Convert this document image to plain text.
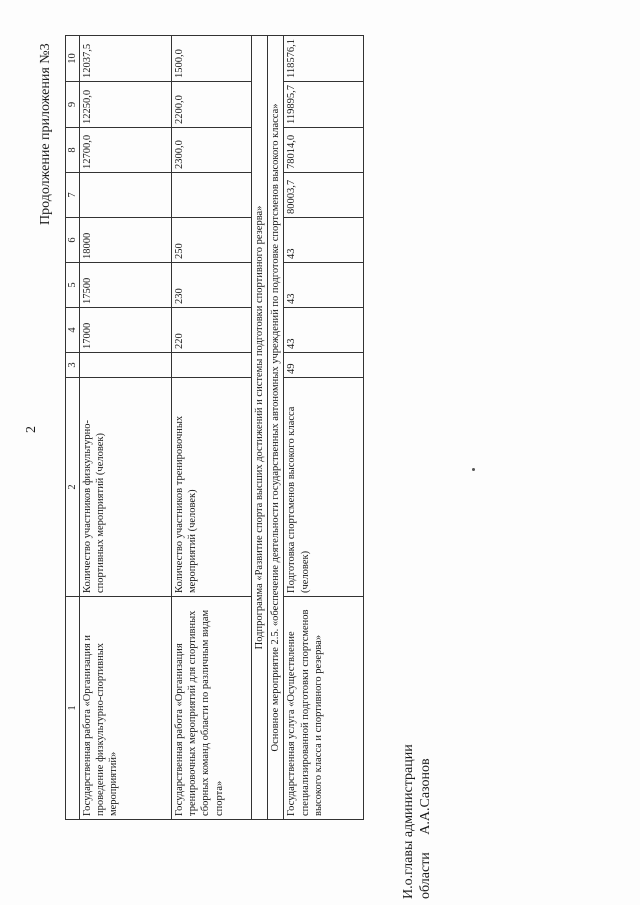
2
Продолжение приложения №3
1	2	3	4	5	6	7	8	9	10
Государственная работа «Организация и проведение физкультурно-спортивных мероприятий»	Количество участников физкультурно-спортивных мероприятий (человек)		17000	17500	18000		12700,0	12250,0	12037,5
Государственная работа «Организация тренировочных мероприятий для спортивных сборных команд области по различным видам спорта»	Количество участников тренировочных мероприятий (человек)		220	230	250		2300,0	2200,0	1500,0
Подпрограмма «Развитие спорта высших достижений и системы подготовки спортивного резерва»									
Основное мероприятие 2.5. «обеспечение деятельности государственных автономных учреждений по подготовке спортсменов высокого класса»									
Государственная услуга «Осуществление специализированной подготовки спортсменов высокого класса и спортивного резерва»	Подготовка спортсменов высокого класса (человек)	49	43	43	43	80003,7	78014,0	119895,7	118576,1
И.о.главы администрации области     А.А.Сазонов
